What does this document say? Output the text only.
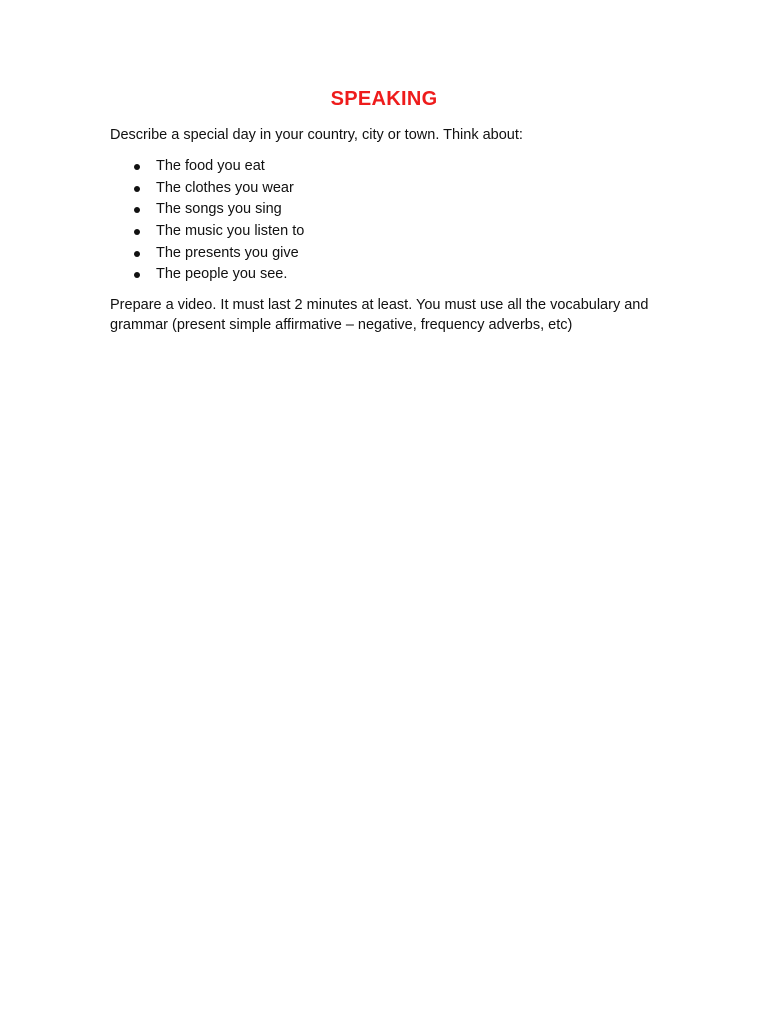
SPEAKING

Describe a special day in your country, city or town. Think about:

The food you eat
The clothes you wear
The songs you sing
The music you listen to
The presents you give
The people you see.

Prepare a video. It must last 2 minutes at least. You must use all the vocabulary and grammar (present simple affirmative – negative, frequency adverbs, etc)
